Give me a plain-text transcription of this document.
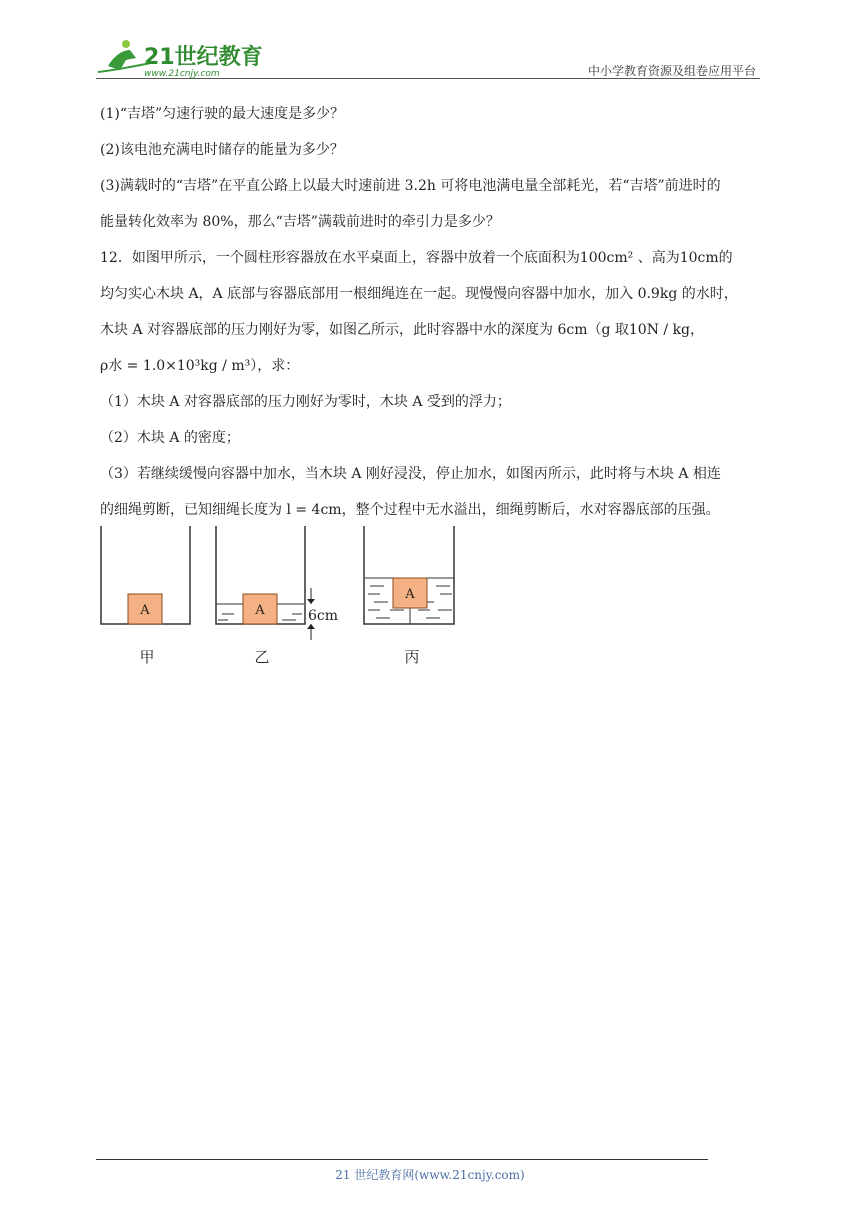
21世纪教育
www.21cnjy.com	中小学教育资源及组卷应用平台
(1)“吉塔”匀速行驶的最大速度是多少？
(2)该电池充满电时储存的能量为多少？
(3)满载时的“吉塔”在平直公路上以最大时速前进 3.2h 可将电池满电量全部耗光，若“吉塔”前进时的
能量转化效率为 80%，那么“吉塔”满载前进时的牵引力是多少？
12．如图甲所示，一个圆柱形容器放在水平桌面上，容器中放着一个底面积为100cm² 、高为10cm的
均匀实心木块 A，A 底部与容器底部用一根细绳连在一起。现慢慢向容器中加水，加入 0.9kg 的水时，
木块 A 对容器底部的压力刚好为零，如图乙所示，此时容器中水的深度为 6cm（g 取10N / kg，
ρ水 = 1.0×10³kg / m³），求：
（1）木块 A 对容器底部的压力刚好为零时，木块 A 受到的浮力；
（2）木块 A 的密度；
（3）若继续缓慢向容器中加水，当木块 A 刚好浸没，停止加水，如图丙所示，此时将与木块 A 相连
的细绳剪断，已知细绳长度为 l = 4cm，整个过程中无水溢出，细绳剪断后，水对容器底部的压强。
A
甲
A	6cm
乙
A
丙
21 世纪教育网(www.21cnjy.com)
